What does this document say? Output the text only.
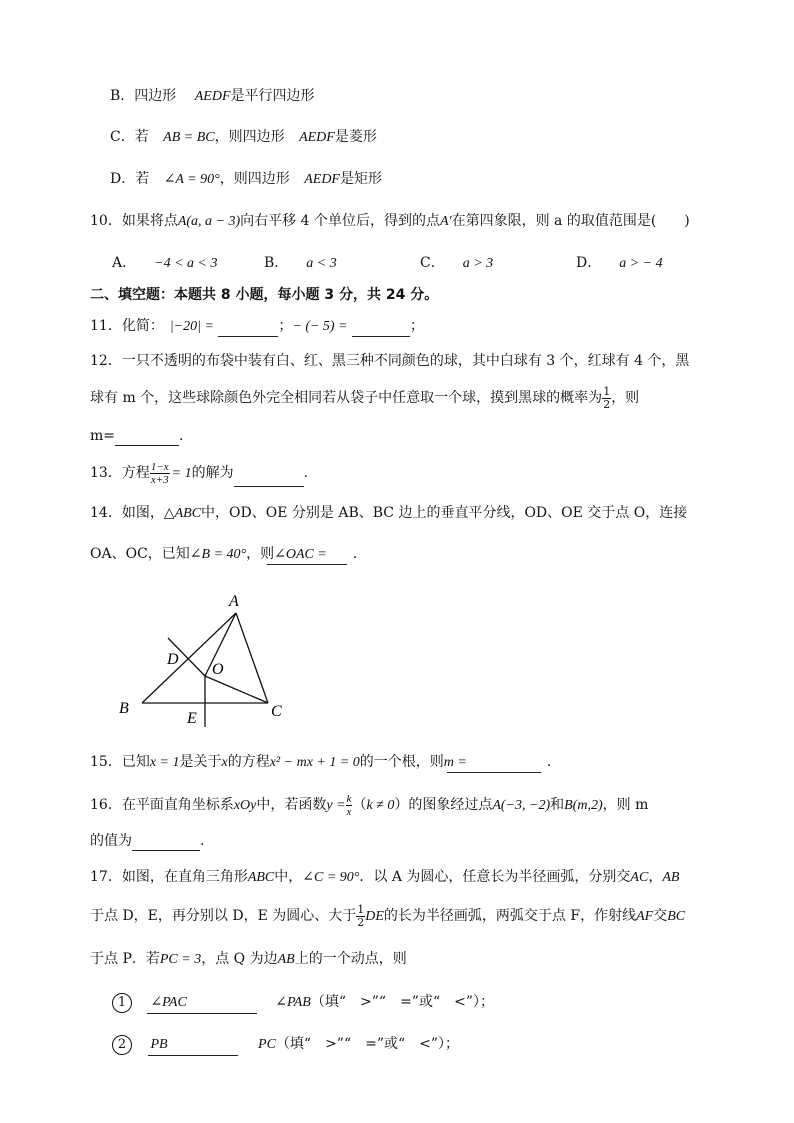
B．四边形 AEDF是平行四边形
C．若 AB = BC，则四边形 AEDF是菱形
D．若 ∠A = 90°，则四边形 AEDF是矩形
10．如果将点A(a, a − 3)向右平移 4 个单位后，得到的点A′在第四象限，则 a 的取值范围是(　　)
A． −4 < a < 3	B． a < 3	C． a > 3	D． a > − 4
二、填空题：本题共 8 小题，每小题 3 分，共 24 分。
11．化简： |−20| =	；− (− 5) =	；
12．一只不透明的布袋中装有白、红、黑三种不同颜色的球，其中白球有 3 个，红球有 4 个，黑
球有 m 个，这些球除颜色外完全相同若从袋子中任意取一个球，摸到黑球的概率为 $\frac{1}{2}$ ，则
m=	.
13．方程 $\frac{1-x}{x+3} = 1$的解为	.
14．如图，△ABC中，OD、OE 分别是 AB、BC 边上的垂直平分线，OD、OE 交于点 O，连接
OA、OC，已知∠B = 40°，则∠OAC = .
A
B	C
D
E
O
15．已知x = 1是关于x的方程x² − mx + 1 = 0的一个根，则m =	.
16．在平面直角坐标系xOy中，若函数$y = \frac{k}{x} (k \ne 0)$的图象经过点A(−3, −2)和B(m,2)，则 m
的值为	.
17．如图，在直角三角形ABC中，∠C = 90°．以 A 为圆心，任意长为半径画弧，分别交AC，AB
于点 D，E，再分别以 D，E 为圆心、大于 $\frac{1}{2}$ DE的长为半径画弧，两弧交于点 F，作射线AF交BC
于点 P．若PC = 3，点 Q 为边AB上的一个动点，则
1 ∠PAC	∠PAB（填“　>”“　=”或“　<”）；
2 PB	PC（填“　>”“　=”或“　<”）；
